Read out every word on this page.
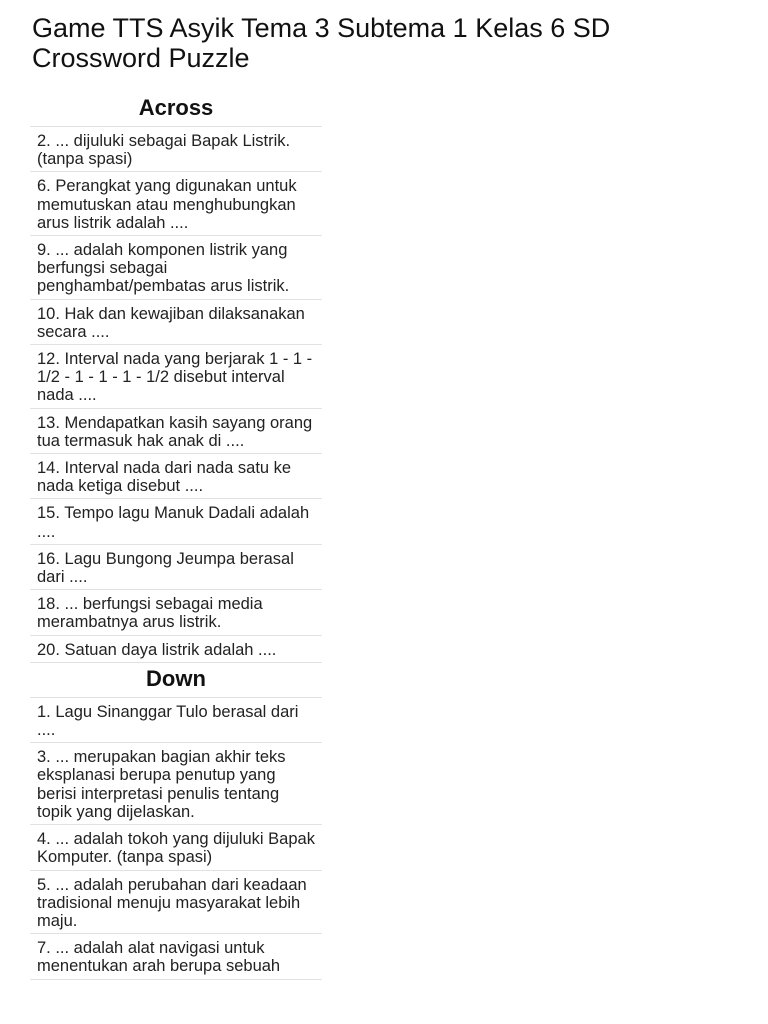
Game TTS Asyik Tema 3 Subtema 1 Kelas 6 SD
Crossword Puzzle
Across
2. ... dijuluki sebagai Bapak Listrik. (tanpa spasi)
6. Perangkat yang digunakan untuk memutuskan atau menghubungkan arus listrik adalah ....
9. ... adalah komponen listrik yang berfungsi sebagai penghambat/pembatas arus listrik.
10. Hak dan kewajiban dilaksanakan secara ....
12. Interval nada yang berjarak 1 - 1 - 1/2 - 1 - 1 - 1 - 1/2 disebut interval nada ....
13. Mendapatkan kasih sayang orang tua termasuk hak anak di ....
14. Interval nada dari nada satu ke nada ketiga disebut ....
15. Tempo lagu Manuk Dadali adalah ....
16. Lagu Bungong Jeumpa berasal dari ....
18. ... berfungsi sebagai media merambatnya arus listrik.
20. Satuan daya listrik adalah ....
Down
1. Lagu Sinanggar Tulo berasal dari ....
3. ... merupakan bagian akhir teks eksplanasi berupa penutup yang berisi interpretasi penulis tentang topik yang dijelaskan.
4. ... adalah tokoh yang dijuluki Bapak Komputer. (tanpa spasi)
5. ... adalah perubahan dari keadaan tradisional menuju masyarakat lebih maju.
7. ... adalah alat navigasi untuk menentukan arah berupa sebuah
